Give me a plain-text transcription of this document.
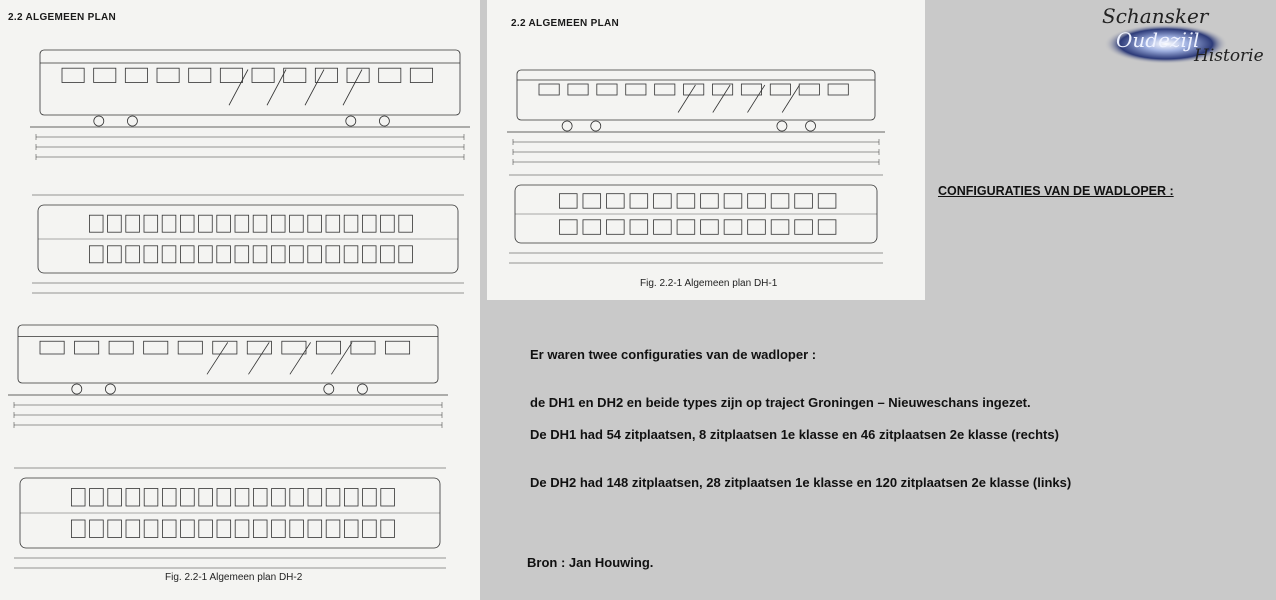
2.2 ALGEMEEN PLAN
Fig. 2.2-1 Algemeen plan DH-2
2.2 ALGEMEEN PLAN
Fig. 2.2-1 Algemeen plan DH-1
Schansker
Oudezijl
Historie
CONFIGURATIES VAN DE WADLOPER :
Er waren twee configuraties van de wadloper :
de DH1 en DH2 en beide types zijn op traject Groningen – Nieuweschans ingezet.
De DH1 had 54 zitplaatsen, 8 zitplaatsen 1e klasse en 46 zitplaatsen 2e klasse (rechts)
De DH2 had 148 zitplaatsen, 28 zitplaatsen 1e klasse en 120 zitplaatsen 2e klasse (links)
Bron : Jan Houwing.
